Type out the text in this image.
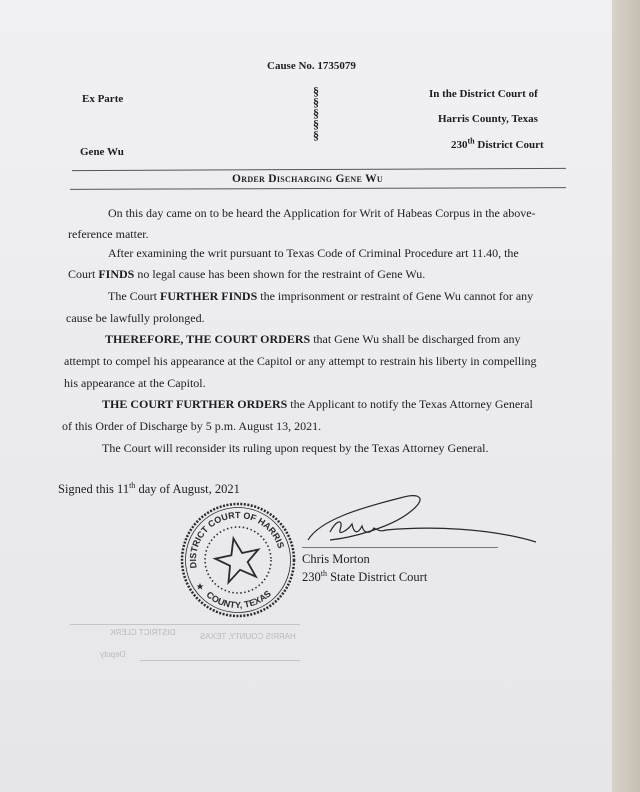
Cause No. 1735079
Ex Parte
Gene Wu
§
§
§
§
§
In the District Court of
Harris County, Texas
230th District Court
Order Discharging Gene Wu
On this day came on to be heard the Application for Writ of Habeas Corpus in the above-
reference matter.
After examining the writ pursuant to Texas Code of Criminal Procedure art 11.40, the
Court FINDS no legal cause has been shown for the restraint of Gene Wu.
The Court FURTHER FINDS the imprisonment or restraint of Gene Wu cannot for any
cause be lawfully prolonged.
THEREFORE, THE COURT ORDERS that Gene Wu shall be discharged from any
attempt to compel his appearance at the Capitol or any attempt to restrain his liberty in compelling
his appearance at the Capitol.
THE COURT FURTHER ORDERS the Applicant to notify the Texas Attorney General
of this Order of Discharge by 5 p.m. August 13, 2021.
The Court will reconsider its ruling upon request by the Texas Attorney General.
Signed this 11th day of August, 2021
DISTRICT CLERK	HARRIS COUNTY, TEXAS
Deputy
Chris Morton
230th State District Court
DISTRICT COURT OF HARRIS
COUNTY, TEXAS
